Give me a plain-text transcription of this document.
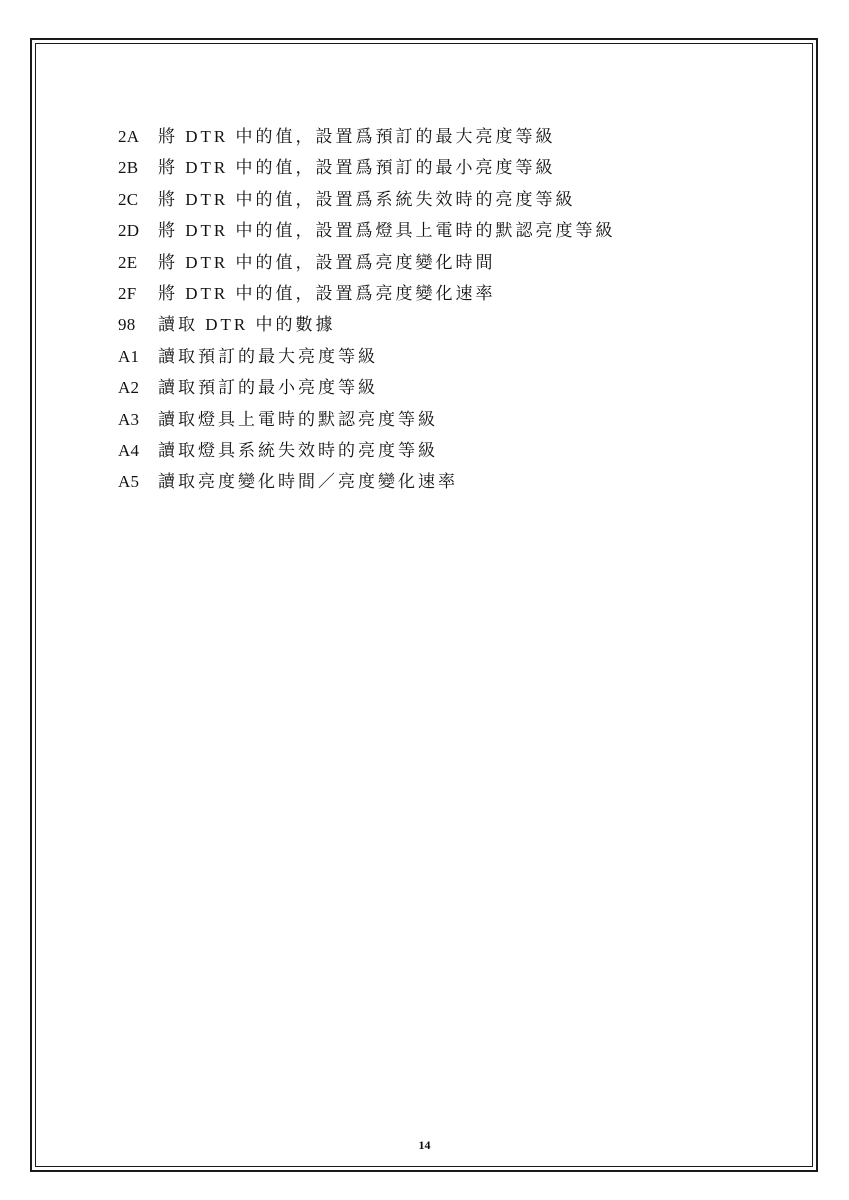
2A	將 DTR 中的值，設置爲預訂的最大亮度等級
2B	將 DTR 中的值，設置爲預訂的最小亮度等級
2C	將 DTR 中的值，設置爲系統失效時的亮度等級
2D	將 DTR 中的值，設置爲燈具上電時的默認亮度等級
2E	將 DTR 中的值，設置爲亮度變化時間
2F	將 DTR 中的值，設置爲亮度變化速率
98	讀取 DTR 中的數據
A1	讀取預訂的最大亮度等級
A2	讀取預訂的最小亮度等級
A3	讀取燈具上電時的默認亮度等級
A4	讀取燈具系統失效時的亮度等級
A5	讀取亮度變化時間／亮度變化速率
14
